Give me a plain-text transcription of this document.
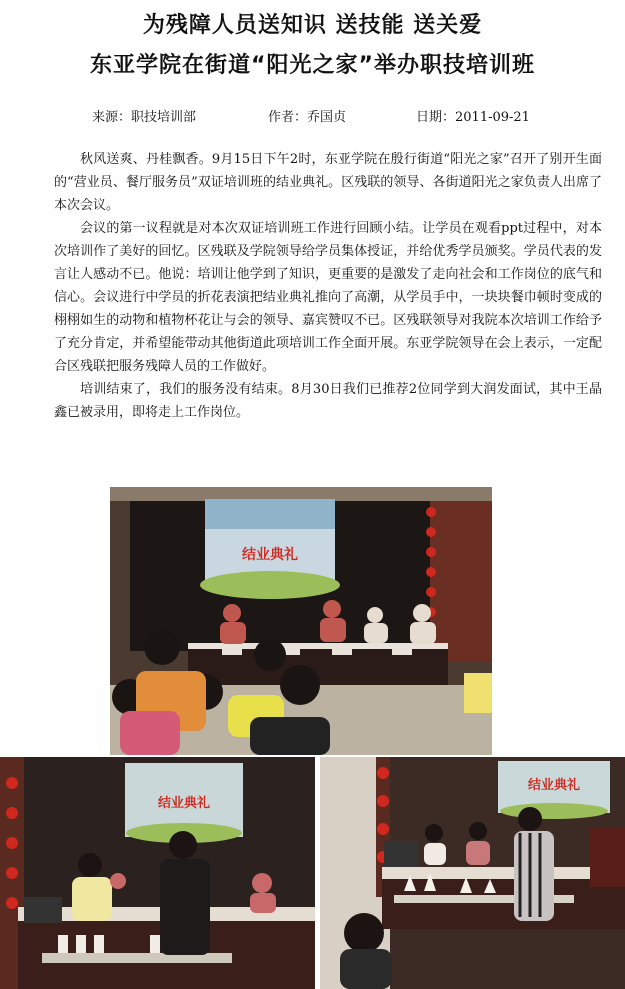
为残障人员送知识 送技能 送关爱
东亚学院在街道“阳光之家”举办职技培训班
来源：职技培训部	作者：乔国贞	日期：2011-09-21

秋风送爽、丹桂飘香。9月15日下午2时，东亚学院在殷行街道“阳光之家”召开了别开生面的“营业员、餐厅服务员”双证培训班的结业典礼。区残联的领导、各街道阳光之家负责人出席了本次会议。

会议的第一议程就是对本次双证培训班工作进行回顾小结。让学员在观看ppt过程中，对本次培训作了美好的回忆。区残联及学院领导给学员集体授证，并给优秀学员颁奖。学员代表的发言让人感动不已。他说：培训让他学到了知识，更重要的是激发了走向社会和工作岗位的底气和信心。会议进行中学员的折花表演把结业典礼推向了高潮，从学员手中，一块块餐巾顿时变成的栩栩如生的动物和植物杯花让与会的领导、嘉宾赞叹不已。区残联领导对我院本次培训工作给予了充分肯定，并希望能带动其他街道此项培训工作全面开展。东亚学院领导在会上表示，一定配合区残联把服务残障人员的工作做好。

培训结束了，我们的服务没有结束。8月30日我们已推荐2位同学到大润发面试，其中王晶鑫已被录用，即将走上工作岗位。

结业典礼
结业典礼
结业典礼
